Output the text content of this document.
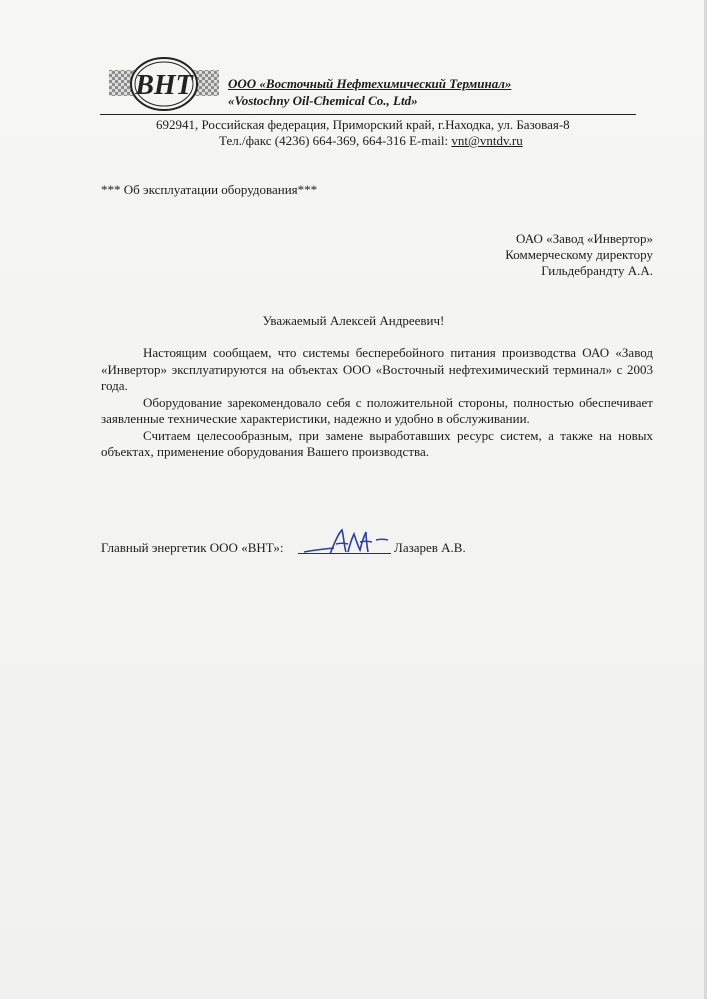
ВНТ	ООО «Восточный Нефтехимический Терминал»
«Vostochny Oil-Chemical Co., Ltd»
692941, Российская федерация, Приморский край, г.Находка, ул. Базовая-8
Тел./факс (4236) 664-369, 664-316 E-mail: vnt@vntdv.ru
*** Об эксплуатации оборудования***
ОАО «Завод «Инвертор»
Коммерческому директору
Гильдебрандту А.А.
Уважаемый Алексей Андреевич!

Настоящим сообщаем, что системы бесперебойного питания производства ОАО «Завод «Инвертор» эксплуатируются на объектах ООО «Восточный нефтехимический терминал» с 2003 года.

Оборудование зарекомендовало себя с положительной стороны, полностью обеспечивает заявленные технические характеристики, надежно и удобно в обслуживании.

Считаем целесообразным, при замене выработавших ресурс систем, а также на новых объектах, применение оборудования Вашего производства.

Главный энергетик ООО «ВНТ»:	Лазарев А.В.
